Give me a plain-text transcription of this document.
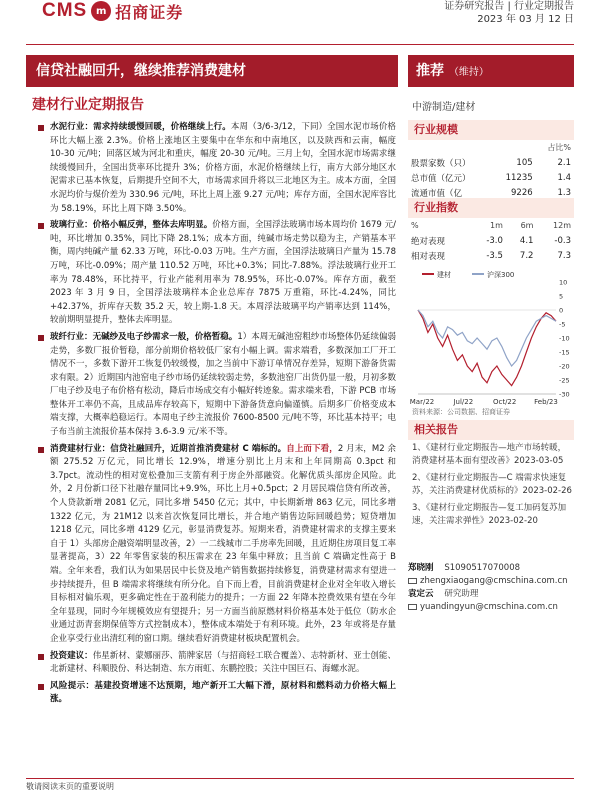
CMS m 招商证券	证券研究报告 | 行业定期报告
2023 年 03 月 12 日
信贷社融回升，继续推荐消费建材	推荐 （维持）
建材行业定期报告	中游制造/建材
水泥行业：需求持续缓慢回暖，价格继续上行。本周（3/6-3/12，下同）全国水泥市场价格环比大幅上涨 2.3%。价格上涨地区主要集中在华东和中南地区，以及陕西和云南，幅度 10-30 元/吨；回落区域为河北和重庆，幅度 20-30 元/吨。三月上旬，全国水泥市场需求继续缓慢回升，全国出货率环比提升 3%；价格方面，水泥价格继续上行，南方大部分地区水泥需求已基本恢复，后期提升空间不大，市场需求回升将以三北地区为主。成本方面，全国水泥均价与煤价差为 330.96 元/吨，环比上周上涨 9.27 元/吨；库存方面，全国水泥库容比为 58.19%，环比上周下降 3.50%。
玻璃行业：价格小幅反弹，整体去库明显。价格方面，全国浮法玻璃市场本周均价 1679 元/吨，环比增加 0.35%，同比下降 28.1%；成本方面，纯碱市场走势以稳为主，产销基本平衡，周内纯碱产量 62.33 万吨，环比-0.03 万吨。生产方面，全国浮法玻璃日产量为 15.78 万吨，环比-0.09%；周产量 110.52 万吨，环比+0.3%；同比-7.88%。浮法玻璃行业开工率为 78.48%，环比持平，行业产能利用率为 78.95%，环比-0.07%。库存方面，截至 2023 年 3 月 9 日，全国浮法玻璃样本企业总库存 7875 万重箱，环比-4.24%，同比+42.37%，折库存天数 35.2 天，较上期-1.8 天。本周浮法玻璃平均产销率达到 114%，较前期明显提升，整体去库明显。
玻纤行业：无碱纱及电子纱需求一般，价格暂稳。1）本周无碱池窑粗纱市场整体仍延续偏弱走势，多数厂报价暂稳，部分前期价格较低厂家有小幅上调。需求端看，多数深加工厂开工情况不一，多数下游开工恢复仍较缓慢，加之当前中下游订单情况存差异，短期下游备货需求有限。2）近期国内池窑电子纱市场仍延续较弱走势，多数池窑厂出货仍显一般，月初多数厂电子纱及电子布价格有松动，降后市场成交有小幅好转迹象。需求端来看，下游 PCB 市场整体开工率仍不高，且成品库存较高下，短期中下游备货意向偏谨慎。后期多厂价格变成本端支撑，大概率趋稳运行。本周电子纱主流报价 7600-8500 元/吨不等，环比基本持平；电子布当前主流报价基本保持 3.6-3.9 元/米不等。
消费建材行业：信贷社融回升，近期首推消费建材 C 端标的。自上而下看，2 月末，M2 余额 275.52 万亿元，同比增长 12.9%，增速分别比上月末和上年同期高 0.3pct 和 3.7pct。流动性的相对宽松叠加三支箭有利于房企外部融资。化解优质头部房企风险。此外，2 月份新口径下社融存量同比+9.9%，环比上月+0.5pct；2 月居民端信贷有所改善，个人贷款新增 2081 亿元，同比多增 5450 亿元；其中，中长期新增 863 亿元，同比多增 1322 亿元，为 21M12 以来首次恢复同比增长，并合地产销售边际回暖趋势；短贷增加 1218 亿元，同比多增 4129 亿元，彰显消费复苏。短期来看，消费建材需求的支撑主要来自于 1）头部房企融资端明显改善，2）一二线城市二手房率先回暖，且近期住房项目复工率显著提高，3）22 年零售家装的积压需求在 23 年集中释放；且当前 C 端确定性高于 B 端。全年来看，我们认为如果居民中长贷及地产销售数据持续修复，消费建材需求有望进一步持续提升，但 B 端需求将继续有所分化。自下而上看，目前消费建材企业对全年收入增长目标相对偏乐观，更多确定性在于盈利能力的提升；一方面 22 年降本控费效果有望在今年全年显现，同时今年规模效应有望提升；另一方面当前原燃材料价格基本处于低位（防水企业通过沥青套期保值等方式控制成本），整体成本端处于有利环境。此外，23 年或将是存量企业享受行业出清红利的窗口期。继续看好消费建材板块配置机会。
投资建议：伟星新材、蒙娜丽莎、箭牌家居（与招商轻工联合覆盖）、志特新材、亚士创能、北新建材、科顺股份、科达制造、东方雨虹、东鹏控股；关注中国巨石、海螺水泥。
风险提示：基建投资增速不达预期，地产新开工大幅下滑，原材料和燃料动力价格大幅上涨。
行业规模
		占比%
股票家数（只）	105	2.1
总市值（亿元）	11235	1.4
流通市值（亿	9226	1.3
行业指数
%	1m	6m	12m
绝对表现	-3.0	4.1	-0.3
相对表现	-3.5	7.2	7.3
建材	沪深300
10
5
0
-5
-10
-15
-20
-25
-30
Mar/22	Jul/22	Oct/22	Feb/23
资料来源：公司数据、招商证券
相关报告
1、《建材行业定期报告—地产市场转暖，消费建材基本面有望改善》2023-03-05
2、《建材行业定期报告—C 端需求快速复苏，关注消费建材优质标的》2023-02-26
3、《建材行业定期报告—复工加码复苏加速，关注需求弹性》2023-02-20
郑晓刚 S1090517070008
zhengxiaogang@cmschina.com.cn
袁定云 研究助理
yuandingyun@cmschina.com.cn
敬请阅读末页的重要说明
